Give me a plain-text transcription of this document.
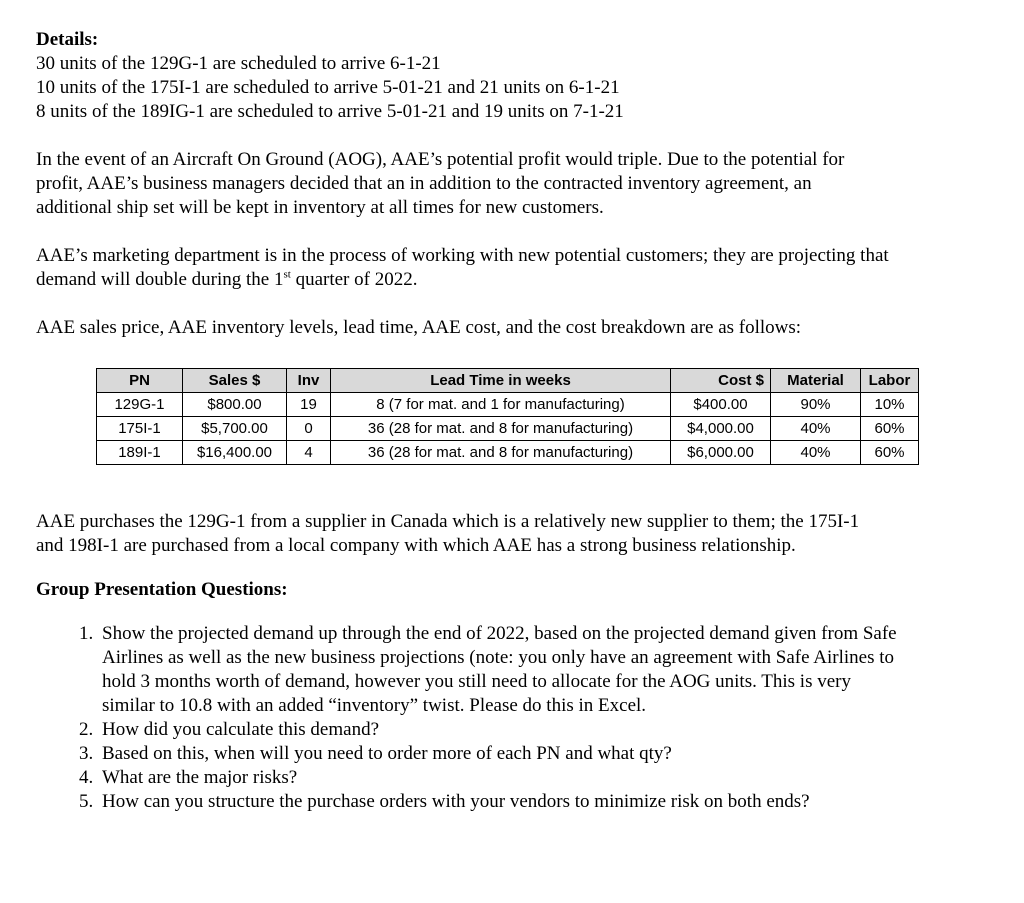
Details:

30 units of the 129G-1 are scheduled to arrive 6-1-21
10 units of the 175I-1 are scheduled to arrive 5-01-21 and 21 units on 6-1-21
8 units of the 189IG-1 are scheduled to arrive 5-01-21 and 19 units on 7-1-21
In the event of an Aircraft On Ground (AOG), AAE’s potential profit would triple. Due to the potential for
profit, AAE’s business managers decided that an in addition to the contracted inventory agreement, an
additional ship set will be kept in inventory at all times for new customers.
AAE’s marketing department is in the process of working with new potential customers; they are projecting that
demand will double during the 1st quarter of 2022.

AAE sales price, AAE inventory levels, lead time, AAE cost, and the cost breakdown are as follows:

PN	Sales $	Inv	Lead Time in weeks	Cost $	Material	Labor
129G-1	$800.00	19	8 (7 for mat. and 1 for manufacturing)	$400.00	90%	10%
175I-1	$5,700.00	0	36 (28 for mat. and 8 for manufacturing)	$4,000.00	40%	60%
189I-1	$16,400.00	4	36 (28 for mat. and 8 for manufacturing)	$6,000.00	40%	60%
AAE purchases the 129G-1 from a supplier in Canada which is a relatively new supplier to them; the 175I-1
and 198I-1 are purchased from a local company with which AAE has a strong business relationship.

Group Presentation Questions:

1. Show the projected demand up through the end of 2022, based on the projected demand given from Safe
Airlines as well as the new business projections (note: you only have an agreement with Safe Airlines to
hold 3 months worth of demand, however you still need to allocate for the AOG units. This is very
similar to 10.8 with an added “inventory” twist. Please do this in Excel.
2. How did you calculate this demand?
3. Based on this, when will you need to order more of each PN and what qty?
4. What are the major risks?
5. How can you structure the purchase orders with your vendors to minimize risk on both ends?
